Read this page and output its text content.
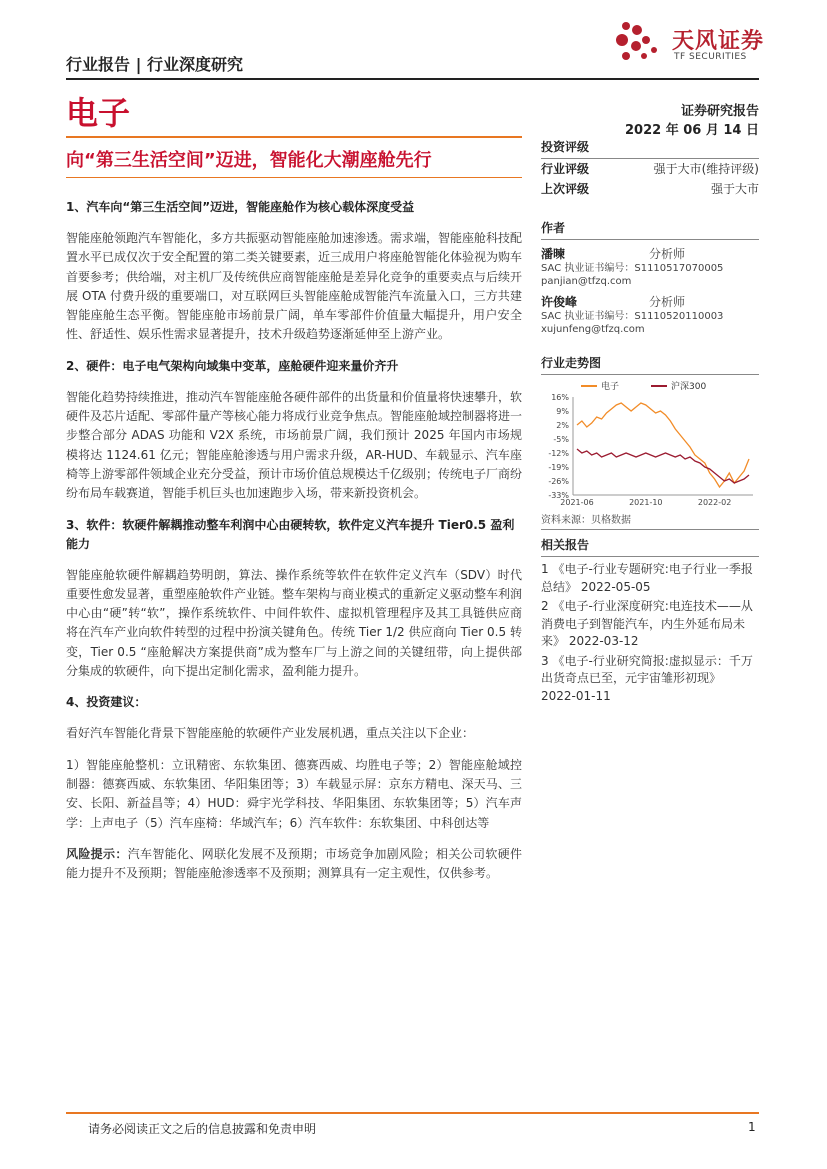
行业报告 | 行业深度研究
天风证券
TF SECURITIES
电子	证券研究报告
2022 年 06 月 14 日
向“第三生活空间”迈进，智能化大潮座舱先行
1、汽车向“第三生活空间”迈进，智能座舱作为核心载体深度受益

智能座舱领跑汽车智能化，多方共振驱动智能座舱加速渗透。需求端，智能座舱科技配置水平已成仅次于安全配置的第二类关键要素，近三成用户将座舱智能化体验视为购车首要参考；供给端，对主机厂及传统供应商智能座舱是差异化竞争的重要卖点与后续开展 OTA 付费升级的重要端口，对互联网巨头智能座舱成智能汽车流量入口，三方共建智能座舱生态平衡。智能座舱市场前景广阔，单车零部件价值量大幅提升，用户安全性、舒适性、娱乐性需求显著提升，技术升级趋势逐渐延伸至上游产业。

2、硬件：电子电气架构向域集中变革，座舱硬件迎来量价齐升

智能化趋势持续推进，推动汽车智能座舱各硬件部件的出货量和价值量将快速攀升，软硬件及芯片适配、零部件量产等核心能力将成行业竞争焦点。智能座舱域控制器将进一步整合部分 ADAS 功能和 V2X 系统，市场前景广阔，我们预计 2025 年国内市场规模将达 1124.61 亿元；智能座舱渗透与用户需求升级，AR-HUD、车载显示、汽车座椅等上游零部件领域企业充分受益，预计市场价值总规模达千亿级别；传统电子厂商纷纷布局车载赛道，智能手机巨头也加速跑步入场，带来新投资机会。

3、软件：软硬件解耦推动整车利润中心由硬转软，软件定义汽车提升 Tier0.5 盈利能力

智能座舱软硬件解耦趋势明朗，算法、操作系统等软件在软件定义汽车（SDV）时代重要性愈发显著，重塑座舱软件产业链。整车架构与商业模式的重新定义驱动整车利润中心由“硬”转“软”，操作系统软件、中间件软件、虚拟机管理程序及其工具链供应商将在汽车产业向软件转型的过程中扮演关键角色。传统 Tier 1/2 供应商向 Tier 0.5 转变，Tier 0.5 “座舱解决方案提供商”成为整车厂与上游之间的关键纽带，向上提供部分集成的软硬件，向下提出定制化需求，盈利能力提升。

4、投资建议：

看好汽车智能化背景下智能座舱的软硬件产业发展机遇，重点关注以下企业：

1）智能座舱整机：立讯精密、东软集团、德赛西威、均胜电子等；2）智能座舱域控制器：德赛西威、东软集团、华阳集团等；3）车载显示屏：京东方精电、深天马、三安、长阳、新益昌等；4）HUD：舜宇光学科技、华阳集团、东软集团等；5）汽车声学：上声电子（5）汽车座椅：华域汽车；6）汽车软件：东软集团、中科创达等

风险提示：汽车智能化、网联化发展不及预期；市场竞争加剧风险；相关公司软硬件能力提升不及预期；智能座舱渗透率不及预期；测算具有一定主观性，仅供参考。

投资评级
行业评级	强于大市(维持评级)
上次评级	强于大市
作者
潘暕	分析师
SAC 执业证书编号：S1110517070005
panjian@tfzq.com
许俊峰	分析师
SAC 执业证书编号：S1110520110003
xujunfeng@tfzq.com
行业走势图
16%
9%
2%
-5%
-12%
-19%
-26%
-33%
2021-06	2021-10	2022-02
电子	沪深300
资料来源：贝格数据
相关报告
1 《电子-行业专题研究:电子行业一季报总结》 2022-05-05
2 《电子-行业深度研究:电连技术——从消费电子到智能汽车，内生外延布局未来》 2022-03-12
3 《电子-行业研究简报:虚拟显示：千万出货奇点已至，元宇宙雏形初现》 2022-01-11
请务必阅读正文之后的信息披露和免责申明	1
